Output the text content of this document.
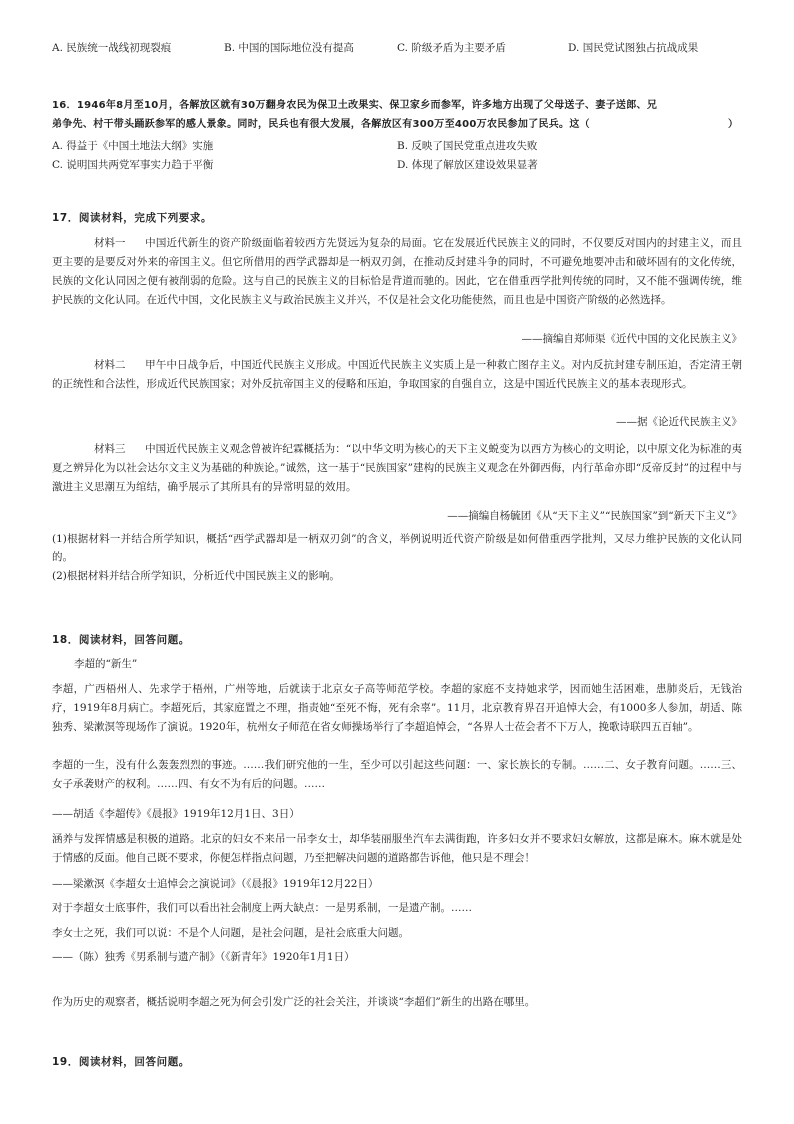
A. 民族统一战线初现裂痕	B. 中国的国际地位没有提高	C. 阶级矛盾为主要矛盾	D. 国民党试图独占抗战成果
16．1946年8月至10月，各解放区就有30万翻身农民为保卫土改果实、保卫家乡而参军，许多地方出现了父母送子、妻子送郎、兄
弟争先、村干带头踊跃参军的感人景象。同时，民兵也有很大发展，各解放区有300万至400万农民参加了民兵。这（	）
A. 得益于《中国土地法大纲》实施	B. 反映了国民党重点进攻失败
C. 说明国共两党军事实力趋于平衡	D. 体现了解放区建设效果显著
17．阅读材料，完成下列要求。
材料一 中国近代新生的资产阶级面临着较西方先贤远为复杂的局面。它在发展近代民族主义的同时，不仅要反对国内的封建主义，而且更主要的是要反对外来的帝国主义。但它所借用的西学武器却是一柄双刃剑，在推动反封建斗争的同时，不可避免地要冲击和破坏固有的文化传统，民族的文化认同因之便有被削弱的危险。这与自己的民族主义的目标恰是背道而驰的。因此，它在借重西学批判传统的同时，又不能不强调传统，维护民族的文化认同。在近代中国，文化民族主义与政治民族主义并兴，不仅是社会文化功能使然，而且也是中国资产阶级的必然选择。
——摘编自郑师渠《近代中国的文化民族主义》
材料二 甲午中日战争后，中国近代民族主义形成。中国近代民族主义实质上是一种救亡图存主义。对内反抗封建专制压迫，否定清王朝的正统性和合法性，形成近代民族国家；对外反抗帝国主义的侵略和压迫，争取国家的自强自立，这是中国近代民族主义的基本表现形式。
——据《论近代民族主义》
材料三 中国近代民族主义观念曾被许纪霖概括为：“以中华文明为核心的天下主义蜕变为以西方为核心的文明论，以中原文化为标准的夷夏之辨异化为以社会达尔文主义为基础的种族论。”诚然，这一基于“民族国家”建构的民族主义观念在外御西侮，内行革命亦即“反帝反封”的过程中与激进主义思潮互为绾结，确乎展示了其所具有的异常明显的效用。
——摘编自杨毓团《从“天下主义”“民族国家”到“新天下主义”》
(1)根据材料一并结合所学知识，概括“西学武器却是一柄双刃剑”的含义，举例说明近代资产阶级是如何借重西学批判，又尽力维护民族的文化认同的。
(2)根据材料并结合所学知识，分析近代中国民族主义的影响。
18．阅读材料，回答问题。
李超的“新生”
李超，广西梧州人、先求学于梧州，广州等地，后就读于北京女子高等师范学校。李超的家庭不支持她求学，因而她生活困难，患肺炎后，无钱治疗，1919年8月病亡。李超死后，其家庭置之不理，指责她“至死不悔，死有余辜”。11月，北京教育界召开追悼大会，有1000多人参加，胡适、陈独秀、梁漱溟等现场作了演说。1920年，杭州女子师范在省女师操场举行了李超追悼会，“各界人士莅会者不下万人，挽歌诗联四五百轴”。
李超的一生，没有什么轰轰烈烈的事迹。……我们研究他的一生，至少可以引起这些问题：一、家长族长的专制。……二、女子教育问题。……三、女子承袭财产的权利。……四、有女不为有后的问题。……
——胡适《李超传》《晨报》1919年12月1日、3日）
涵养与发挥情感是积极的道路。北京的妇女不来吊一吊李女士，却华装丽服坐汽车去满街跑，许多妇女并不要求妇女解放，这都是麻木。麻木就是处于情感的反面。他自己既不要求，你便怎样指点问题，乃至把解决问题的道路都告诉他，他只是不理会！
——梁漱溟《李超女士追悼会之演说词》（《晨报》1919年12月22日）
对于李超女士底事件，我们可以看出社会制度上两大缺点：一是男系制，一是遗产制。……
李女士之死，我们可以说：不是个人问题，是社会问题，是社会底重大问题。
——（陈）独秀《男系制与遗产制》（《新青年》1920年1月1日）
作为历史的观察者，概括说明李超之死为何会引发广泛的社会关注，并谈谈“李超们”新生的出路在哪里。
19．阅读材料，回答问题。
